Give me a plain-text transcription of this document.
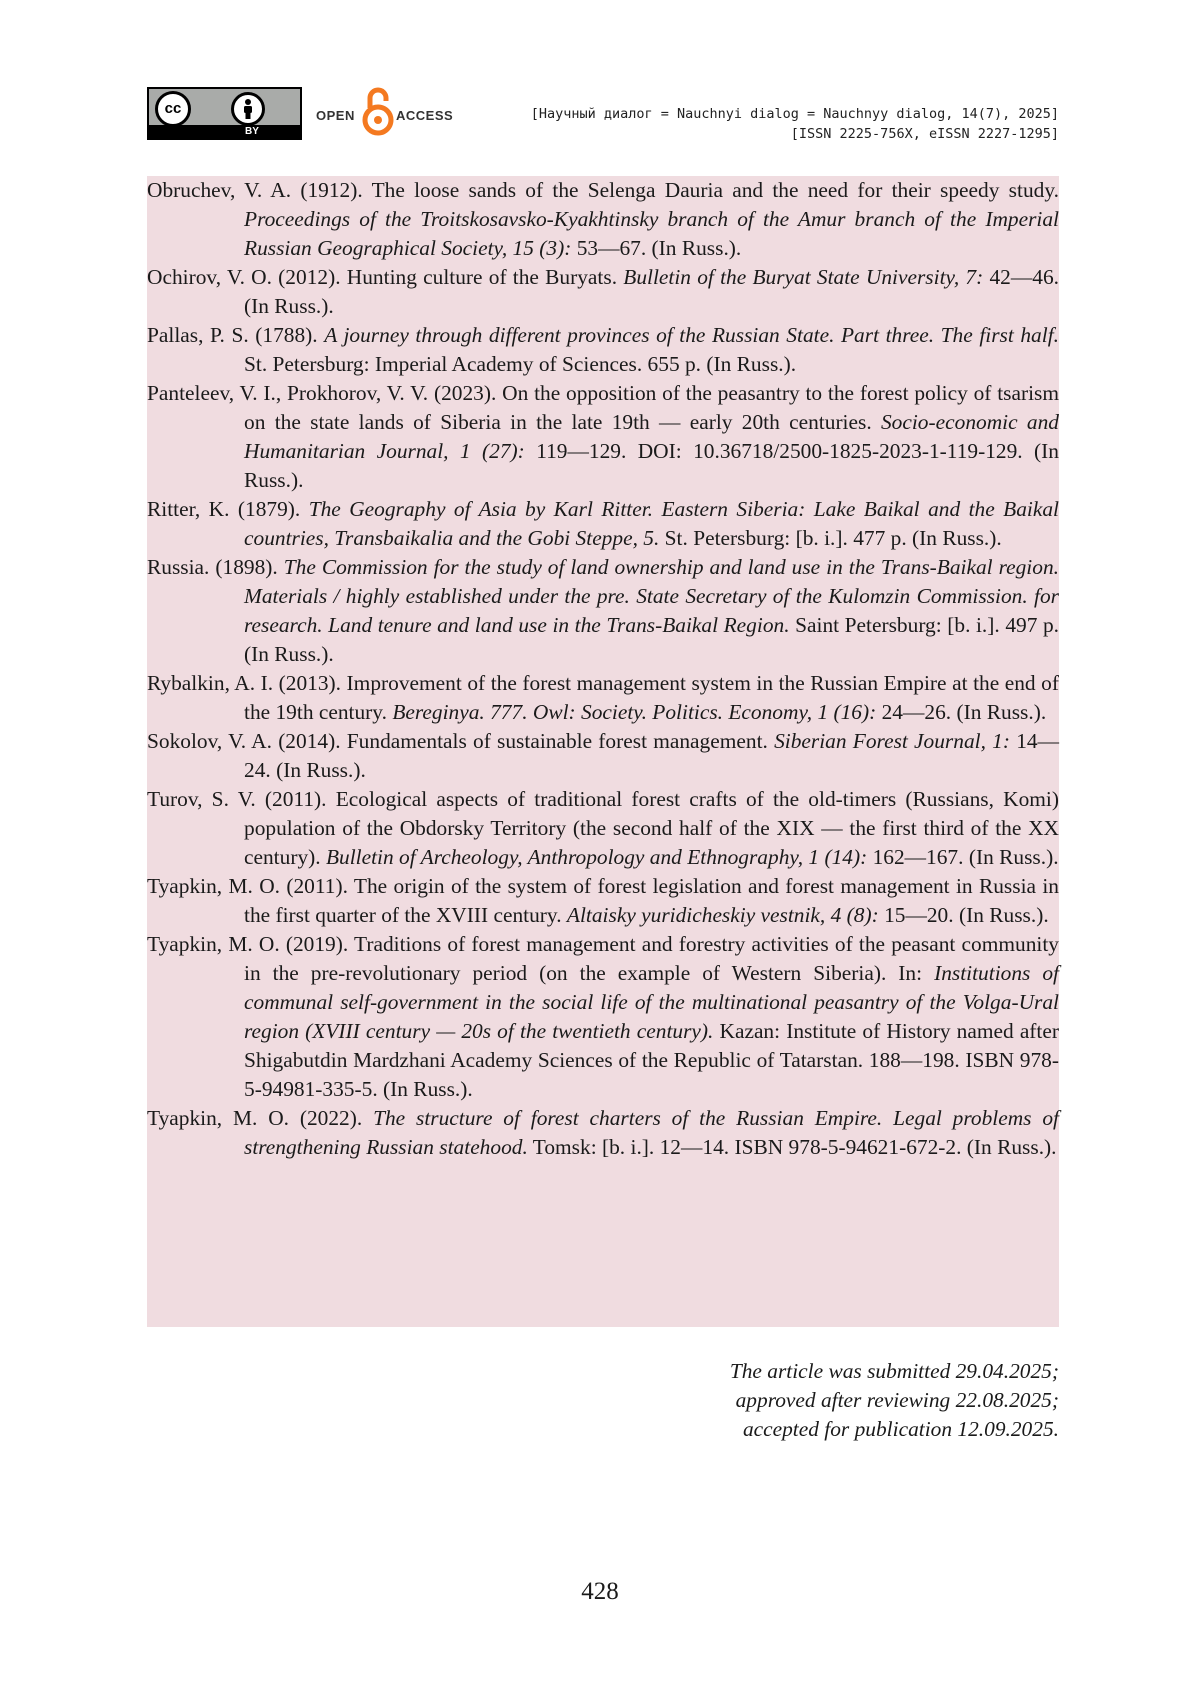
cc
BY
OPEN	ACCESS	[Научный диалог = Nauchnyi dialog = Nauchnyy dialog, 14(7), 2025]
[ISSN 2225-756X, eISSN 2227-1295]

Obruchev, V. A. (1912). The loose sands of the Selenga Dauria and the need for their speedy study. Proceedings of the Troitskosavsko-Kyakhtinsky branch of the Amur branch of the Imperial Russian Geographical Society, 15 (3): 53—67. (In Russ.).

Ochirov, V. O. (2012). Hunting culture of the Buryats. Bulletin of the Buryat State University, 7: 42—46. (In Russ.).

Pallas, P. S. (1788). A journey through different provinces of the Russian State. Part three. The first half. St. Petersburg: Imperial Academy of Sciences. 655 p. (In Russ.).

Panteleev, V. I., Prokhorov, V. V. (2023). On the opposition of the peasantry to the forest policy of tsarism on the state lands of Siberia in the late 19th — early 20th centuries. Socio-economic and Humanitarian Journal, 1 (27): 119—129. DOI: 10.36718/2500-1825-2023-1-119-129. (In Russ.).

Ritter, K. (1879). The Geography of Asia by Karl Ritter. Eastern Siberia: Lake Baikal and the Baikal countries, Transbaikalia and the Gobi Steppe, 5. St. Petersburg: [b. i.]. 477 p. (In Russ.).

Russia. (1898). The Commission for the study of land ownership and land use in the Trans-Baikal region. Materials / highly established under the pre. State Secretary of the Kulomzin Commission. for research. Land tenure and land use in the Trans-Baikal Region. Saint Petersburg: [b. i.]. 497 p. (In Russ.).

Rybalkin, A. I. (2013). Improvement of the forest management system in the Russian Empire at the end of the 19th century. Bereginya. 777. Owl: Society. Politics. Economy, 1 (16): 24—26. (In Russ.).

Sokolov, V. A. (2014). Fundamentals of sustainable forest management. Siberian Forest Journal, 1: 14—24. (In Russ.).

Turov, S. V. (2011). Ecological aspects of traditional forest crafts of the old-timers (Russians, Komi) population of the Obdorsky Territory (the second half of the XIX — the first third of the XX century). Bulletin of Archeology, Anthropology and Ethnography, 1 (14): 162—167. (In Russ.).

Tyapkin, M. O. (2011). The origin of the system of forest legislation and forest management in Russia in the first quarter of the XVIII century. Altaisky yuridicheskiy vestnik, 4 (8): 15—20. (In Russ.).

Tyapkin, M. O. (2019). Traditions of forest management and forestry activities of the peasant community in the pre-revolutionary period (on the example of Western Siberia). In: Institutions of communal self-government in the social life of the multinational peasantry of the Volga-Ural region (XVIII century — 20s of the twentieth century). Kazan: Institute of History named after Shigabutdin Mardzhani Academy Sciences of the Republic of Tatarstan. 188—198. ISBN 978-5-94981-335-5. (In Russ.).

Tyapkin, M. O. (2022). The structure of forest charters of the Russian Empire. Legal problems of strengthening Russian statehood. Tomsk: [b. i.]. 12—14. ISBN 978-5-94621-672-2. (In Russ.).

The article was submitted 29.04.2025;
approved after reviewing 22.08.2025;
accepted for publication 12.09.2025.
428
